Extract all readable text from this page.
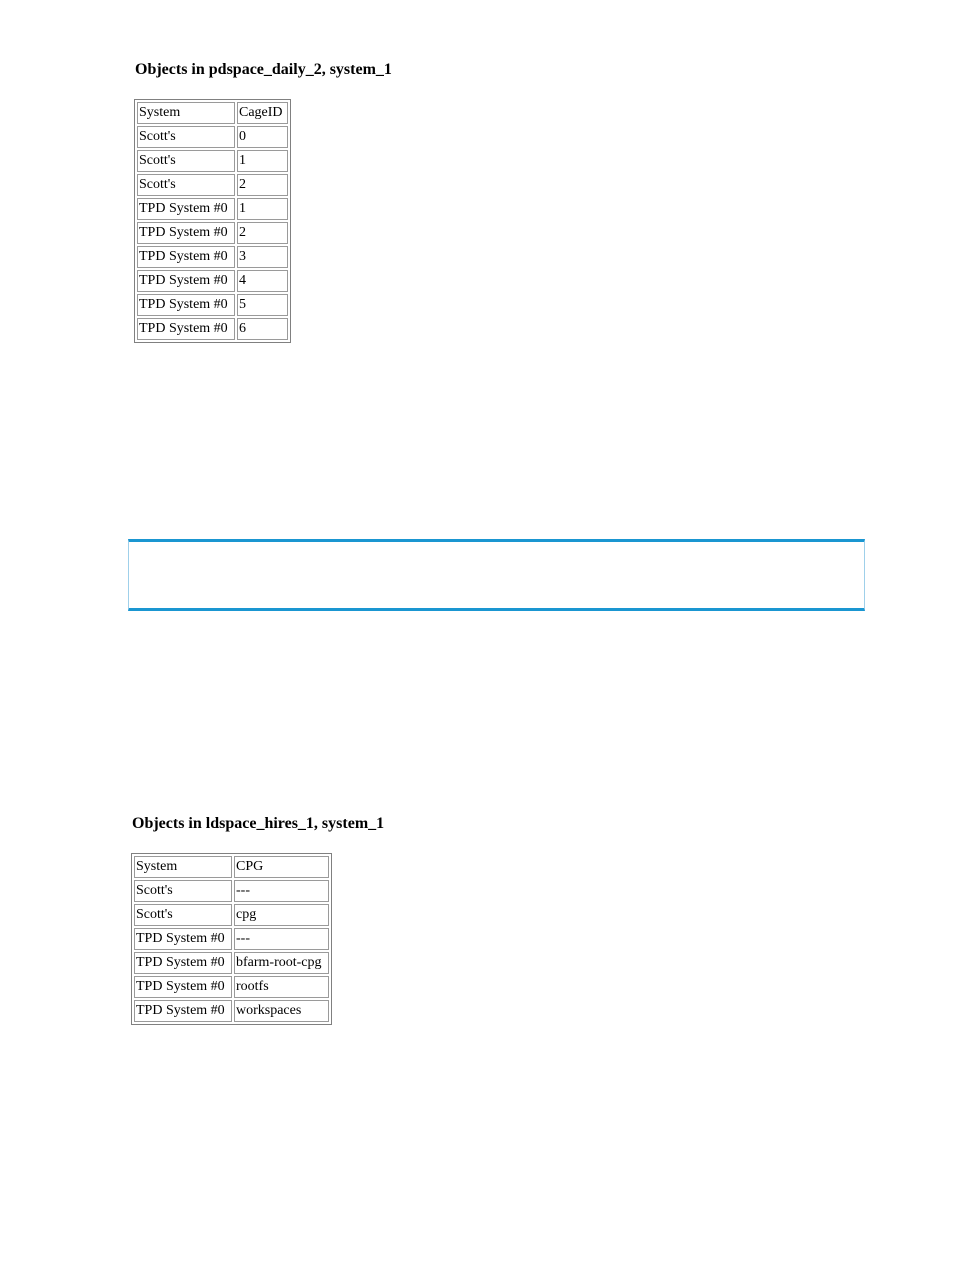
Objects in pdspace_daily_2, system_1
System	CageID
Scott's	0
Scott's	1
Scott's	2
TPD System #0	1
TPD System #0	2
TPD System #0	3
TPD System #0	4
TPD System #0	5
TPD System #0	6
Objects in ldspace_hires_1, system_1
System	CPG
Scott's	---
Scott's	cpg
TPD System #0	---
TPD System #0	bfarm-root-cpg
TPD System #0	rootfs
TPD System #0	workspaces
